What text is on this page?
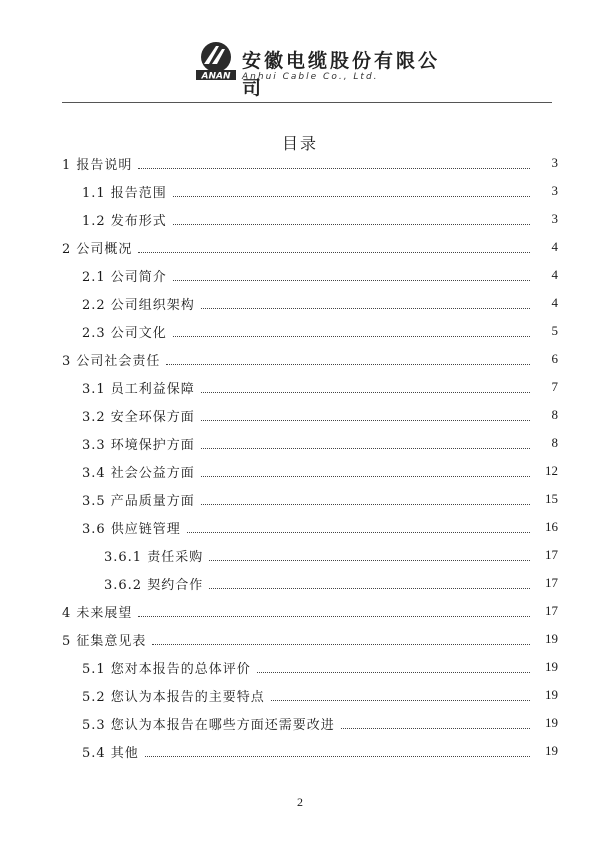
ANAN
安徽电缆股份有限公司
Anhui Cable Co., Ltd.
目录
1 报告说明	3
1.1 报告范围	3
1.2 发布形式	3
2 公司概况	4
2.1 公司简介	4
2.2 公司组织架构	4
2.3 公司文化	5
3 公司社会责任	6
3.1 员工利益保障	7
3.2 安全环保方面	8
3.3 环境保护方面	8
3.4 社会公益方面	12
3.5 产品质量方面	15
3.6 供应链管理	16
3.6.1 责任采购	17
3.6.2 契约合作	17
4 未来展望	17
5 征集意见表	19
5.1 您对本报告的总体评价	19
5.2 您认为本报告的主要特点	19
5.3 您认为本报告在哪些方面还需要改进	19
5.4 其他	19
2
